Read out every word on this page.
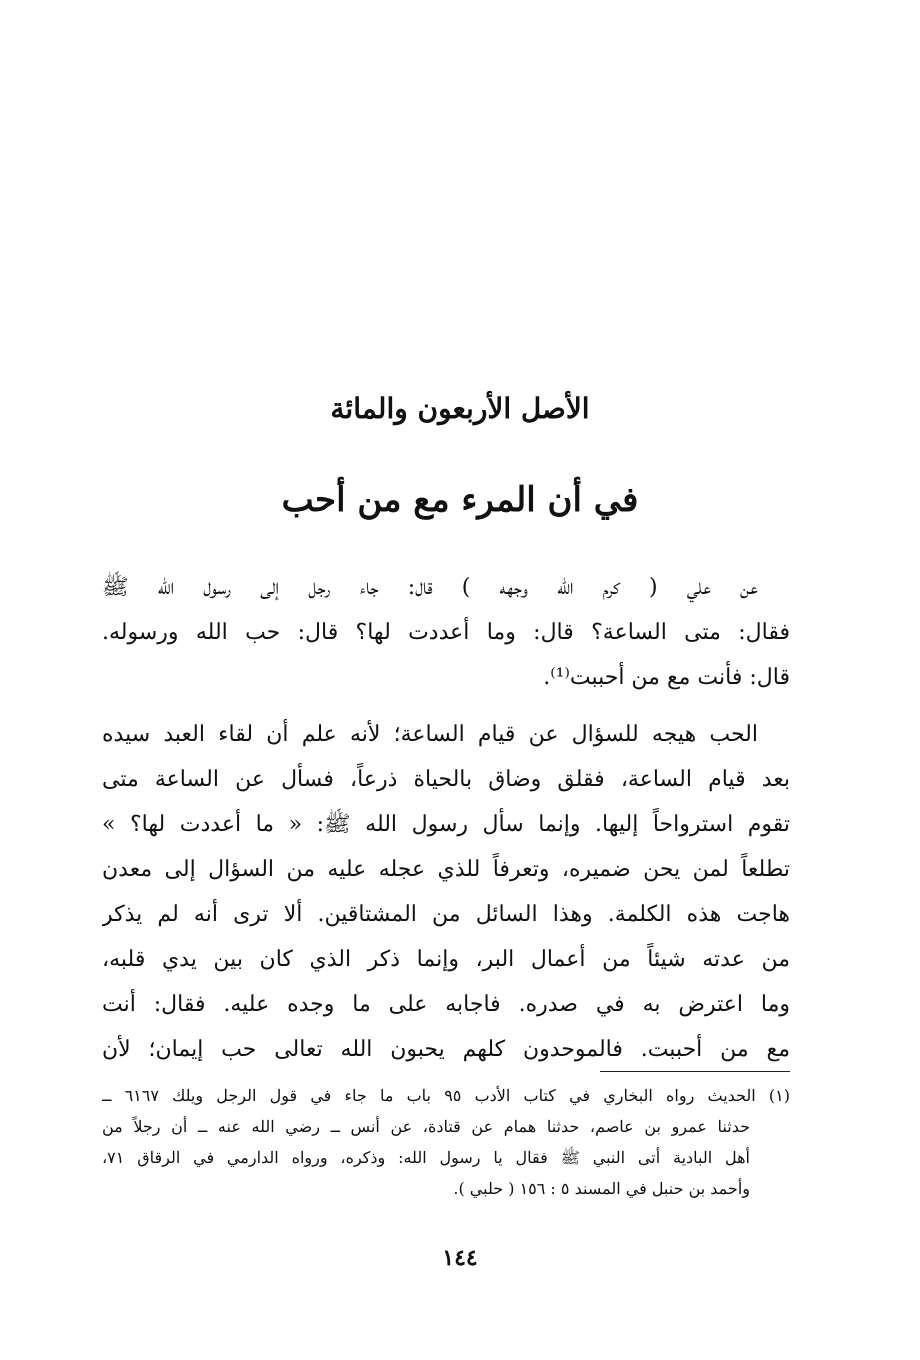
الأصل الأربعون والمائة
في أن المرء مع من أحب

عن علي ( كرم الله وجهه ) قال: جاء رجل إلى رسول الله ﷺ
فقال: متى الساعة؟ قال: وما أعددت لها؟ قال: حب الله ورسوله.
قال: فأنت مع من أحببت⁽¹⁾.

الحب هيجه للسؤال عن قيام الساعة؛ لأنه علم أن لقاء العبد سيده
بعد قيام الساعة، فقلق وضاق بالحياة ذرعاً، فسأل عن الساعة متى
تقوم استرواحاً إليها. وإنما سأل رسول الله ﷺ: « ما أعددت لها؟ »
تطلعاً لمن يحن ضميره، وتعرفاً للذي عجله عليه من السؤال إلى معدن
هاجت هذه الكلمة. وهذا السائل من المشتاقين. ألا ترى أنه لم يذكر
من عدته شيئاً من أعمال البر، وإنما ذكر الذي كان بين يدي قلبه،
وما اعترض به في صدره. فاجابه على ما وجده عليه. فقال: أنت
مع من أحببت. فالموحدون كلهم يحبون الله تعالى حب إيمان؛ لأن

(١) الحديث رواه البخاري في كتاب الأدب ٩٥ باب ما جاء في قول الرجل ويلك ٦١٦٧ ــ
حدثنا عمرو بن عاصم، حدثنا همام عن قتادة، عن أنس ــ رضي الله عنه ــ أن رجلاً من
أهل البادية أتى النبي ﷺ فقال يا رسول الله: وذكره، ورواه الدارمي في الرقاق ٧١،
وأحمد بن حنبل في المسند ٥ : ١٥٦ ( حلبي ).

١٤٤
